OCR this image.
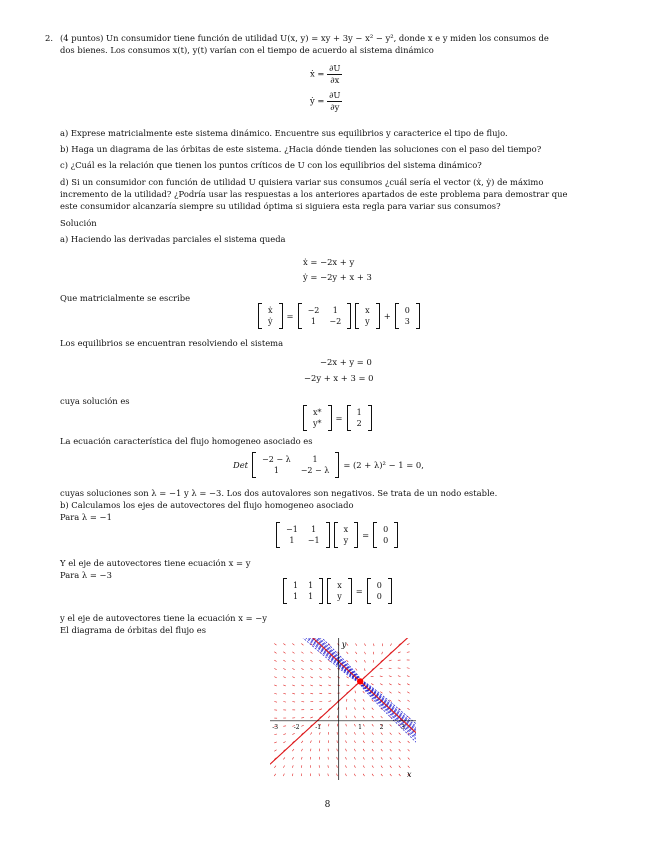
2. (4 puntos) Un consumidor tiene función de utilidad U(x, y) = xy + 3y − x² − y², donde x e y miden los consumos de
dos bienes. Los consumos x(t), y(t) varían con el tiempo de acuerdo al sistema dinámico
ẋ = $\frac{\partial U}{\partial x}$
ẏ = $\frac{\partial U}{\partial y}$
a) Exprese matricialmente este sistema dinámico. Encuentre sus equilibrios y caracterice el tipo de flujo.
b) Haga un diagrama de las órbitas de este sistema. ¿Hacia dónde tienden las soluciones con el paso del tiempo?
c) ¿Cuál es la relación que tienen los puntos críticos de U con los equilibrios del sistema dinámico?
d) Si un consumidor con función de utilidad U quisiera variar sus consumos ¿cuál sería el vector (ẋ, ẏ) de máximo
incremento de la utilidad? ¿Podría usar las respuestas a los anteriores apartados de este problema para demostrar que
este consumidor alcanzaría siempre su utilidad óptima si siguiera esta regla para variar sus consumos?
Solución
a) Haciendo las derivadas parciales el sistema queda
ẋ = −2x + y
ẏ = −2y + x + 3
Que matricialmente se escribe
ẋ
ẏ
=
−2	1
1	−2
x
y
+
0
3
Los equilibrios se encuentran resolviendo el sistema
−2x + y = 0
−2y + x + 3 = 0
cuya solución es
x*
y*
=
1
2
La ecuación característica del flujo homogeneo asociado es
Det
−2 − λ	1
1	−2 − λ
= (2 + λ)² − 1 = 0,
cuyas soluciones son λ = −1 y λ = −3. Los dos autovalores son negativos. Se trata de un nodo estable.
b) Calculamos los ejes de autovectores del flujo homogeneo asociado
Para λ = −1
−1	1
1	−1
x
y
=
0
0
Y el eje de autovectores tiene ecuación x = y
Para λ = −3
1	1
1	1
x
y
=
0
0
y el eje de autovectores tiene la ecuación x = −y
El diagrama de órbitas del flujo es
x
y
1	2	3
-1
-2
-3
8
